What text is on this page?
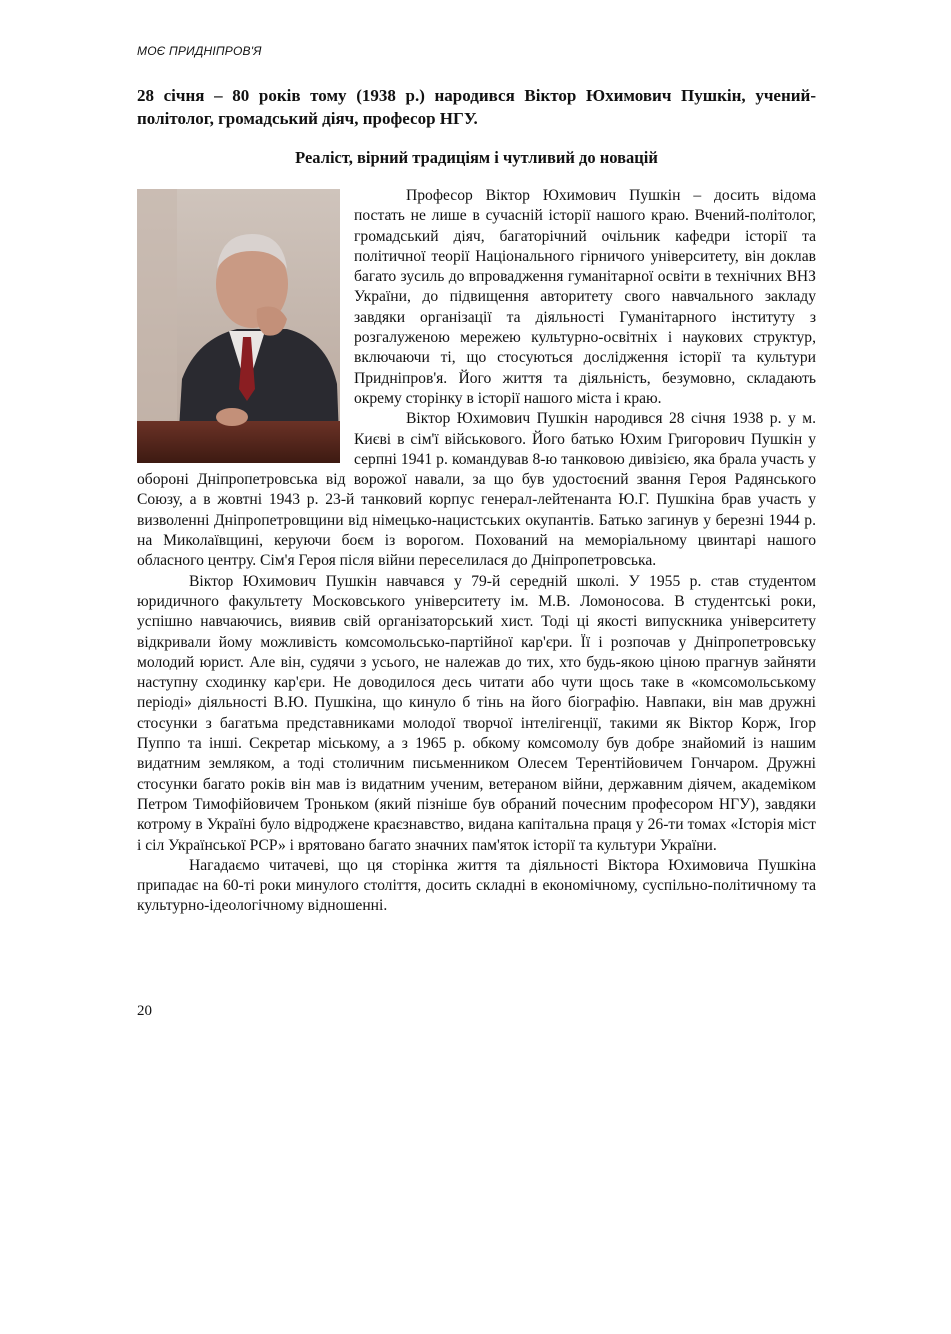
МОЄ ПРИДНІПРОВ'Я
28 січня – 80 років тому (1938 р.) народився Віктор Юхимович Пушкін, учений-політолог, громадський діяч, професор НГУ.
Реаліст, вірний традиціям і чутливий до новацій

Професор Віктор Юхимович Пушкін – досить відома постать не лише в сучасній історії нашого краю. Вчений-політолог, громадський діяч, багаторічний очільник кафедри історії та політичної теорії Національного гірничого університету, він доклав багато зусиль до впровадження гуманітарної освіти в технічних ВНЗ України, до підвищення авторитету свого навчального закладу завдяки організації та діяльності Гуманітарного інституту з розгалуженою мережею культурно-освітніх і наукових структур, включаючи ті, що стосуються дослідження історії та культури Придніпров'я. Його життя та діяльність, безумовно, складають окрему сторінку в історії нашого міста і краю.

Віктор Юхимович Пушкін народився 28 січня 1938 р. у м. Києві в сім'ї військового. Його батько Юхим Григорович Пушкін у серпні 1941 р. командував 8-ю танковою дивізією, яка брала участь у обороні Дніпропетровська від ворожої навали, за що був удостоєний звання Героя Радянського Союзу, а в жовтні 1943 р. 23-й танковий корпус генерал-лейтенанта Ю.Г. Пушкіна брав участь у визволенні Дніпропетровщини від німецько-нацистських окупантів. Батько загинув у березні 1944 р. на Миколаївщині, керуючи боєм із ворогом. Похований на меморіальному цвинтарі нашого обласного центру. Сім'я Героя після війни переселилася до Дніпропетровська.

Віктор Юхимович Пушкін навчався у 79-й середній школі. У 1955 р. став студентом юридичного факультету Московського університету ім. М.В. Ломоносова. В студентські роки, успішно навчаючись, виявив свій організаторський хист. Тоді ці якості випускника університету відкривали йому можливість комсомольсько-партійної кар'єри. Її і розпочав у Дніпропетровську молодий юрист. Але він, судячи з усього, не належав до тих, хто будь-якою ціною прагнув зайняти наступну сходинку кар'єри. Не доводилося десь читати або чути щось таке в «комсомольському періоді» діяльності В.Ю. Пушкіна, що кинуло б тінь на його біографію. Навпаки, він мав дружні стосунки з багатьма представниками молодої творчої інтелігенції, такими як Віктор Корж, Ігор Пуппо та інші. Секретар міському, а з 1965 р. обкому комсомолу був добре знайомий із нашим видатним земляком, а тоді столичним письменником Олесем Терентійовичем Гончаром. Дружні стосунки багато років він мав із видатним ученим, ветераном війни, державним діячем, академіком Петром Тимофійовичем Троньком (який пізніше був обраний почесним професором НГУ), завдяки котрому в Україні було відроджене краєзнавство, видана капітальна праця у 26-ти томах «Історія міст і сіл Української РСР» і врятовано багато значних пам'яток історії та культури України.

Нагадаємо читачеві, що ця сторінка життя та діяльності Віктора Юхимовича Пушкіна припадає на 60-ті роки минулого століття, досить складні в економічному, суспільно-політичному та культурно-ідеологічному відношенні.

20
